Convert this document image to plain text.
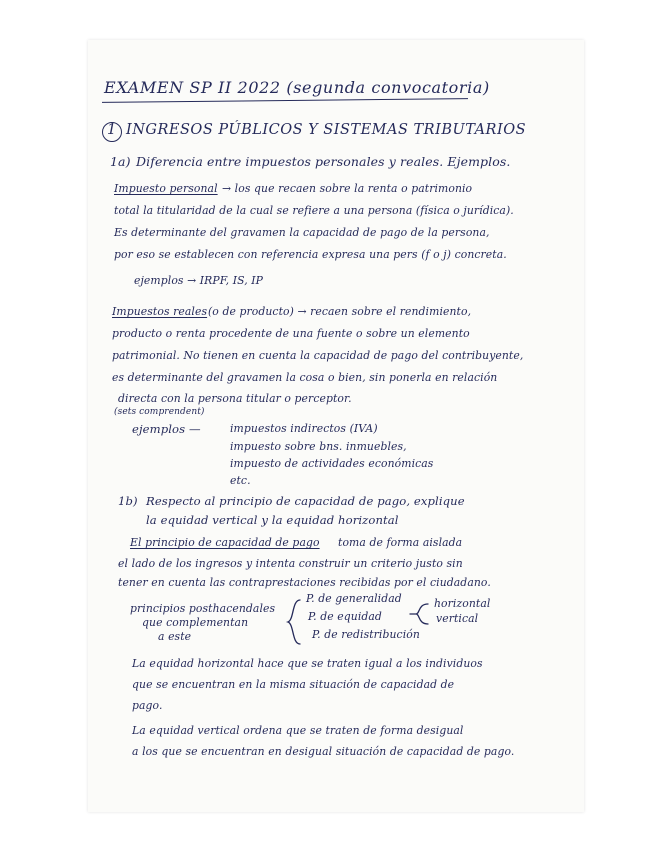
EXAMEN SP II 2022 (segunda convocatoria)
1 INGRESOS PÚBLICOS Y SISTEMAS TRIBUTARIOS
1a) Diferencia entre impuestos personales y reales. Ejemplos.
Impuesto personal → los que recaen sobre la renta o patrimonio
total la titularidad de la cual se refiere a una persona (física o jurídica).
Es determinante del gravamen la capacidad de pago de la persona,
por eso se establecen con referencia expresa una pers (f o j) concreta.
ejemplos → IRPF, IS, IP
Impuestos reales (o de producto) → recaen sobre el rendimiento,
producto o renta procedente de una fuente o sobre un elemento
patrimonial. No tienen en cuenta la capacidad de pago del contribuyente,
es determinante del gravamen la cosa o bien, sin ponerla en relación
directa con la persona titular o perceptor.
(sets comprendent)
ejemplos —	impuestos indirectos (IVA)
impuesto sobre bns. inmuebles,
impuesto de actividades económicas
etc.
1b) Respecto al principio de capacidad de pago, explique
la equidad vertical y la equidad horizontal
El principio de capacidad de pago toma de forma aislada
el lado de los ingresos y intenta construir un criterio justo sin
tener en cuenta las contraprestaciones recibidas por el ciudadano.
principios posthacendales
que complementan
a este
P. de generalidad
P. de equidad
P. de redistribución
horizontal
vertical
La equidad horizontal hace que se traten igual a los individuos
que se encuentran en la misma situación de capacidad de
pago.
La equidad vertical ordena que se traten de forma desigual
a los que se encuentran en desigual situación de capacidad de pago.
